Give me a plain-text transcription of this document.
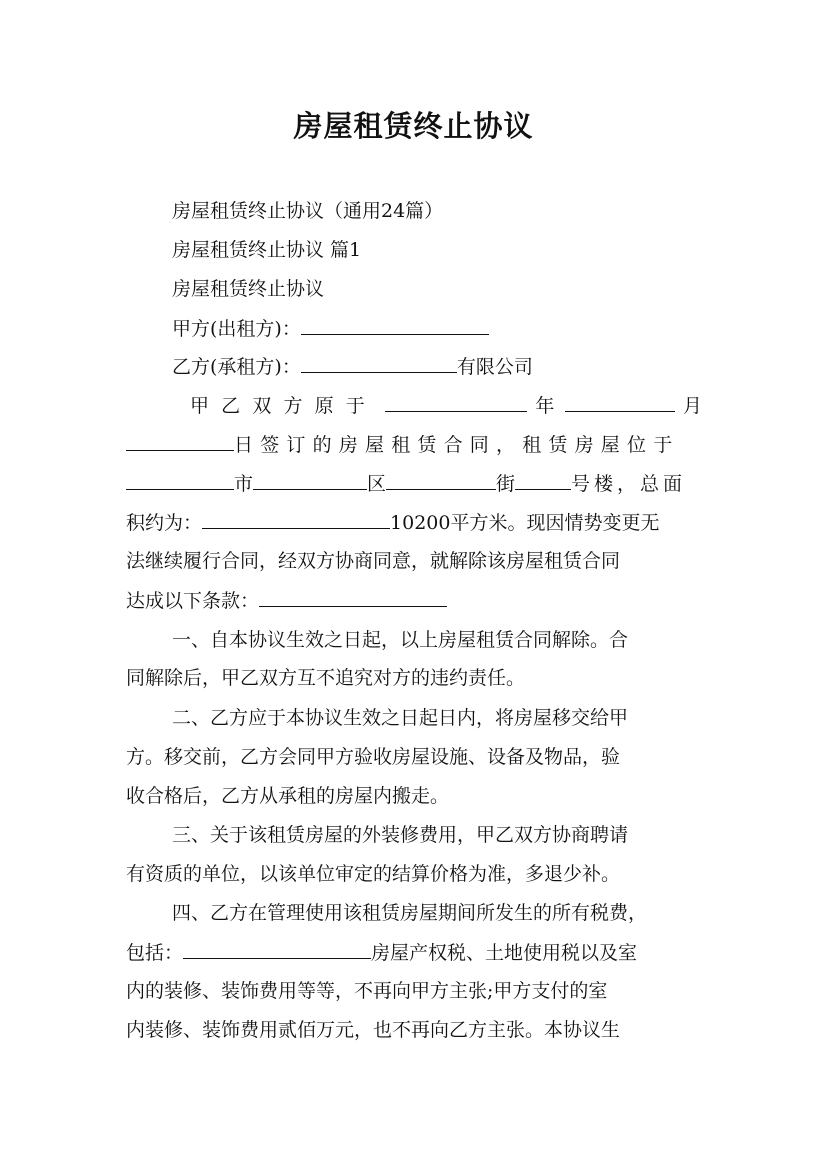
房屋租赁终止协议
房屋租赁终止协议（通用24篇）
房屋租赁终止协议 篇1
房屋租赁终止协议
甲方(出租方)：
乙方(承租方)：	有限公司
甲乙双方原于	年	月
日签订的房屋租赁合同，租赁房屋位于
市	区	街	号楼，总面
积约为：	10200平方米。现因情势变更无
法继续履行合同，经双方协商同意，就解除该房屋租赁合同
达成以下条款：
一、自本协议生效之日起，以上房屋租赁合同解除。合
同解除后，甲乙双方互不追究对方的违约责任。
二、乙方应于本协议生效之日起日内，将房屋移交给甲
方。移交前，乙方会同甲方验收房屋设施、设备及物品，验
收合格后，乙方从承租的房屋内搬走。
三、关于该租赁房屋的外装修费用，甲乙双方协商聘请
有资质的单位，以该单位审定的结算价格为准，多退少补。
四、乙方在管理使用该租赁房屋期间所发生的所有税费，
包括：	房屋产权税、土地使用税以及室
内的装修、装饰费用等等，不再向甲方主张;甲方支付的室
内装修、装饰费用贰佰万元，也不再向乙方主张。本协议生
